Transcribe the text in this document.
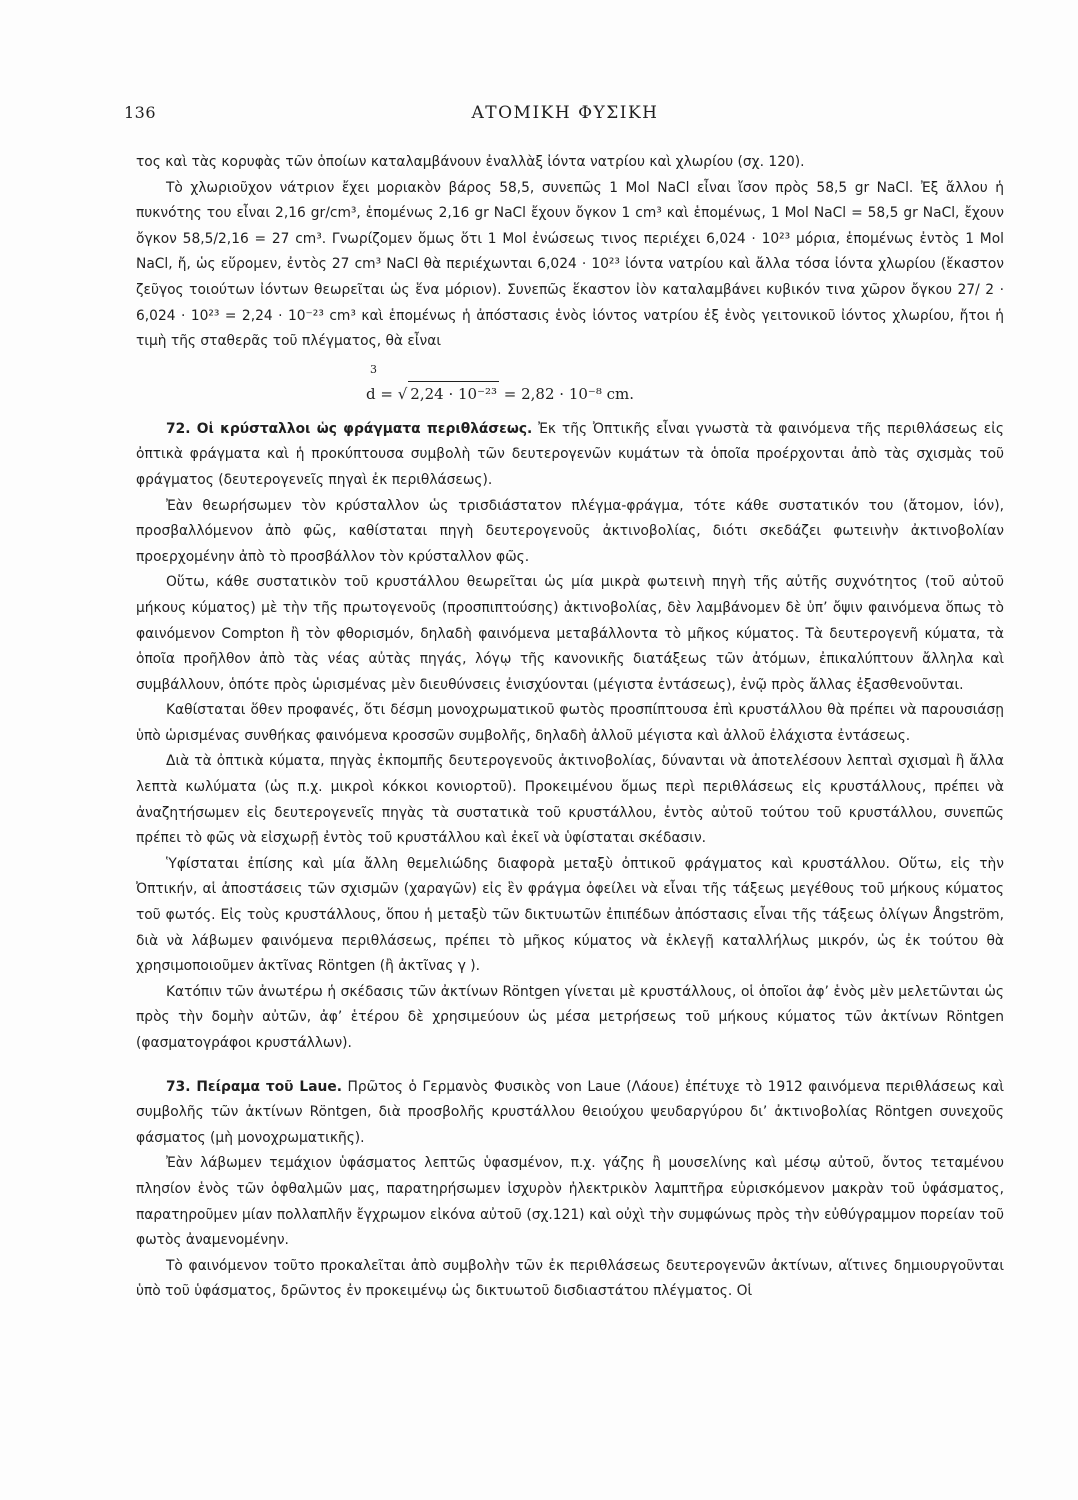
136	ΑΤΟΜΙΚΗ ΦΥΣΙΚΗ

τος καὶ τὰς κορυφὰς τῶν ὁποίων καταλαμβάνουν ἐναλλὰξ ἰόντα νατρίου καὶ χλωρίου (σχ. 120).

Τὸ χλωριοῦχον νάτριον ἔχει μοριακὸν βάρος 58,5, συνεπῶς 1 Mol NaCl εἶναι ἴσον πρὸς 58,5 gr NaCl. Ἐξ ἄλλου ἡ πυκνότης του εἶναι 2,16 gr/cm³, ἑπομένως 2,16 gr NaCl ἔχουν ὄγκον 1 cm³ καὶ ἑπομένως, 1 Mol NaCl = 58,5 gr NaCl, ἔχουν ὄγκον 58,5/2,16 = 27 cm³. Γνωρίζομεν ὅμως ὅτι 1 Mol ἐνώσεως τινος περιέχει 6,024 · 10²³ μόρια, ἑπομένως ἐντὸς 1 Mol NaCl, ἤ, ὡς εὕρομεν, ἐντὸς 27 cm³ NaCl θὰ περιέχωνται 6,024 · 10²³ ἰόντα νατρίου καὶ ἄλλα τόσα ἰόντα χλωρίου (ἕκαστον ζεῦγος τοιούτων ἰόντων θεωρεῖται ὡς ἕνα μόριον). Συνεπῶς ἕκαστον ἰὸν καταλαμβάνει κυβικόν τινα χῶρον ὄγκου 27/ 2 · 6,024 · 10²³ = 2,24 · 10⁻²³ cm³ καὶ ἑπομένως ἡ ἀπόστασις ἑνὸς ἰόντος νατρίου ἐξ ἑνὸς γειτονικοῦ ἰόντος χλωρίου, ἤτοι ἡ τιμὴ τῆς σταθερᾶς τοῦ πλέγματος, θὰ εἶναι

3
d = √ 2,24 · 10⁻²³ = 2,82 · 10⁻⁸ cm.

72. Οἱ κρύσταλλοι ὡς φράγματα περιθλάσεως. Ἐκ τῆς Ὀπτικῆς εἶναι γνωστὰ τὰ φαινόμενα τῆς περιθλάσεως εἰς ὀπτικὰ φράγματα καὶ ἡ προκύπτουσα συμβολὴ τῶν δευτερογενῶν κυμάτων τὰ ὁποῖα προέρχονται ἀπὸ τὰς σχισμὰς τοῦ φράγματος (δευτερογενεῖς πηγαὶ ἐκ περιθλάσεως).

Ἐὰν θεωρήσωμεν τὸν κρύσταλλον ὡς τρισδιάστατον πλέγμα-φράγμα, τότε κάθε συστατικόν του (ἄτομον, ἰόν), προσβαλλόμενον ἀπὸ φῶς, καθίσταται πηγὴ δευτερογενοῦς ἀκτινοβολίας, διότι σκεδάζει φωτεινὴν ἀκτινοβολίαν προερχομένην ἀπὸ τὸ προσβάλλον τὸν κρύσταλλον φῶς.

Οὕτω, κάθε συστατικὸν τοῦ κρυστάλλου θεωρεῖται ὡς μία μικρὰ φωτεινὴ πηγὴ τῆς αὐτῆς συχνότητος (τοῦ αὐτοῦ μήκους κύματος) μὲ τὴν τῆς πρωτογενοῦς (προσπιπτούσης) ἀκτινοβολίας, δὲν λαμβάνομεν δὲ ὑπ’ ὄψιν φαινόμενα ὅπως τὸ φαινόμενον Compton ἢ τὸν φθορισμόν, δηλαδὴ φαινόμενα μεταβάλλοντα τὸ μῆκος κύματος. Τὰ δευτερογενῆ κύματα, τὰ ὁποῖα προῆλθον ἀπὸ τὰς νέας αὐτὰς πηγάς, λόγῳ τῆς κανονικῆς διατάξεως τῶν ἀτόμων, ἐπικαλύπτουν ἄλληλα καὶ συμβάλλουν, ὁπότε πρὸς ὡρισμένας μὲν διευθύνσεις ἐνισχύονται (μέγιστα ἐντάσεως), ἐνῷ πρὸς ἄλλας ἐξασθενοῦνται.

Καθίσταται ὅθεν προφανές, ὅτι δέσμη μονοχρωματικοῦ φωτὸς προσπίπτουσα ἐπὶ κρυστάλλου θὰ πρέπει νὰ παρουσιάσῃ ὑπὸ ὡρισμένας συνθήκας φαινόμενα κροσσῶν συμβολῆς, δηλαδὴ ἀλλοῦ μέγιστα καὶ ἀλλοῦ ἐλάχιστα ἐντάσεως.

Διὰ τὰ ὀπτικὰ κύματα, πηγὰς ἐκπομπῆς δευτερογενοῦς ἀκτινοβολίας, δύνανται νὰ ἀποτελέσουν λεπταὶ σχισμαὶ ἢ ἄλλα λεπτὰ κωλύματα (ὡς π.χ. μικροὶ κόκκοι κονιορτοῦ). Προκειμένου ὅμως περὶ περιθλάσεως εἰς κρυστάλλους, πρέπει νὰ ἀναζητήσωμεν εἰς δευτερογενεῖς πηγὰς τὰ συστατικὰ τοῦ κρυστάλλου, ἐντὸς αὐτοῦ τούτου τοῦ κρυστάλλου, συνεπῶς πρέπει τὸ φῶς νὰ εἰσχωρῇ ἐντὸς τοῦ κρυστάλλου καὶ ἐκεῖ νὰ ὑφίσταται σκέδασιν.

Ὑφίσταται ἐπίσης καὶ μία ἄλλη θεμελιώδης διαφορὰ μεταξὺ ὀπτικοῦ φράγματος καὶ κρυστάλλου. Οὕτω, εἰς τὴν Ὀπτικήν, αἱ ἀποστάσεις τῶν σχισμῶν (χαραγῶν) εἰς ἓν φράγμα ὀφείλει νὰ εἶναι τῆς τάξεως μεγέθους τοῦ μήκους κύματος τοῦ φωτός. Εἰς τοὺς κρυστάλλους, ὅπου ἡ μεταξὺ τῶν δικτυωτῶν ἐπιπέδων ἀπόστασις εἶναι τῆς τάξεως ὀλίγων Ångström, διὰ νὰ λάβωμεν φαινόμενα περιθλάσεως, πρέπει τὸ μῆκος κύματος νὰ ἐκλεγῇ καταλλήλως μικρόν, ὡς ἐκ τούτου θὰ χρησιμοποιοῦμεν ἀκτῖνας Röntgen (ἢ ἀκτῖνας γ ).

Κατόπιν τῶν ἀνωτέρω ἡ σκέδασις τῶν ἀκτίνων Röntgen γίνεται μὲ κρυστάλλους, οἱ ὁποῖοι ἀφ’ ἑνὸς μὲν μελετῶνται ὡς πρὸς τὴν δομὴν αὐτῶν, ἀφ’ ἑτέρου δὲ χρησιμεύουν ὡς μέσα μετρήσεως τοῦ μήκους κύματος τῶν ἀκτίνων Röntgen (φασματογράφοι κρυστάλλων).

73. Πείραμα τοῦ Laue. Πρῶτος ὁ Γερμανὸς Φυσικὸς von Laue (Λάουε) ἐπέτυχε τὸ 1912 φαινόμενα περιθλάσεως καὶ συμβολῆς τῶν ἀκτίνων Röntgen, διὰ προσβολῆς κρυστάλλου θειούχου ψευδαργύρου δι’ ἀκτινοβολίας Röntgen συνεχοῦς φάσματος (μὴ μονοχρωματικῆς).

Ἐὰν λάβωμεν τεμάχιον ὑφάσματος λεπτῶς ὑφασμένον, π.χ. γάζης ἢ μουσελίνης καὶ μέσῳ αὐτοῦ, ὄντος τεταμένου πλησίον ἑνὸς τῶν ὀφθαλμῶν μας, παρατηρήσωμεν ἰσχυρὸν ἠλεκτρικὸν λαμπτῆρα εὑρισκόμενον μακρὰν τοῦ ὑφάσματος, παρατηροῦμεν μίαν πολλαπλῆν ἔγχρωμον εἰκόνα αὐτοῦ (σχ.121) καὶ οὐχὶ τὴν συμφώνως πρὸς τὴν εὐθύγραμμον πορείαν τοῦ φωτὸς ἀναμενομένην.

Τὸ φαινόμενον τοῦτο προκαλεῖται ἀπὸ συμβολὴν τῶν ἐκ περιθλάσεως δευτερογενῶν ἀκτίνων, αἵτινες δημιουργοῦνται ὑπὸ τοῦ ὑφάσματος, δρῶντος ἐν προκειμένῳ ὡς δικτυωτοῦ δισδιαστάτου πλέγματος. Οἱ
